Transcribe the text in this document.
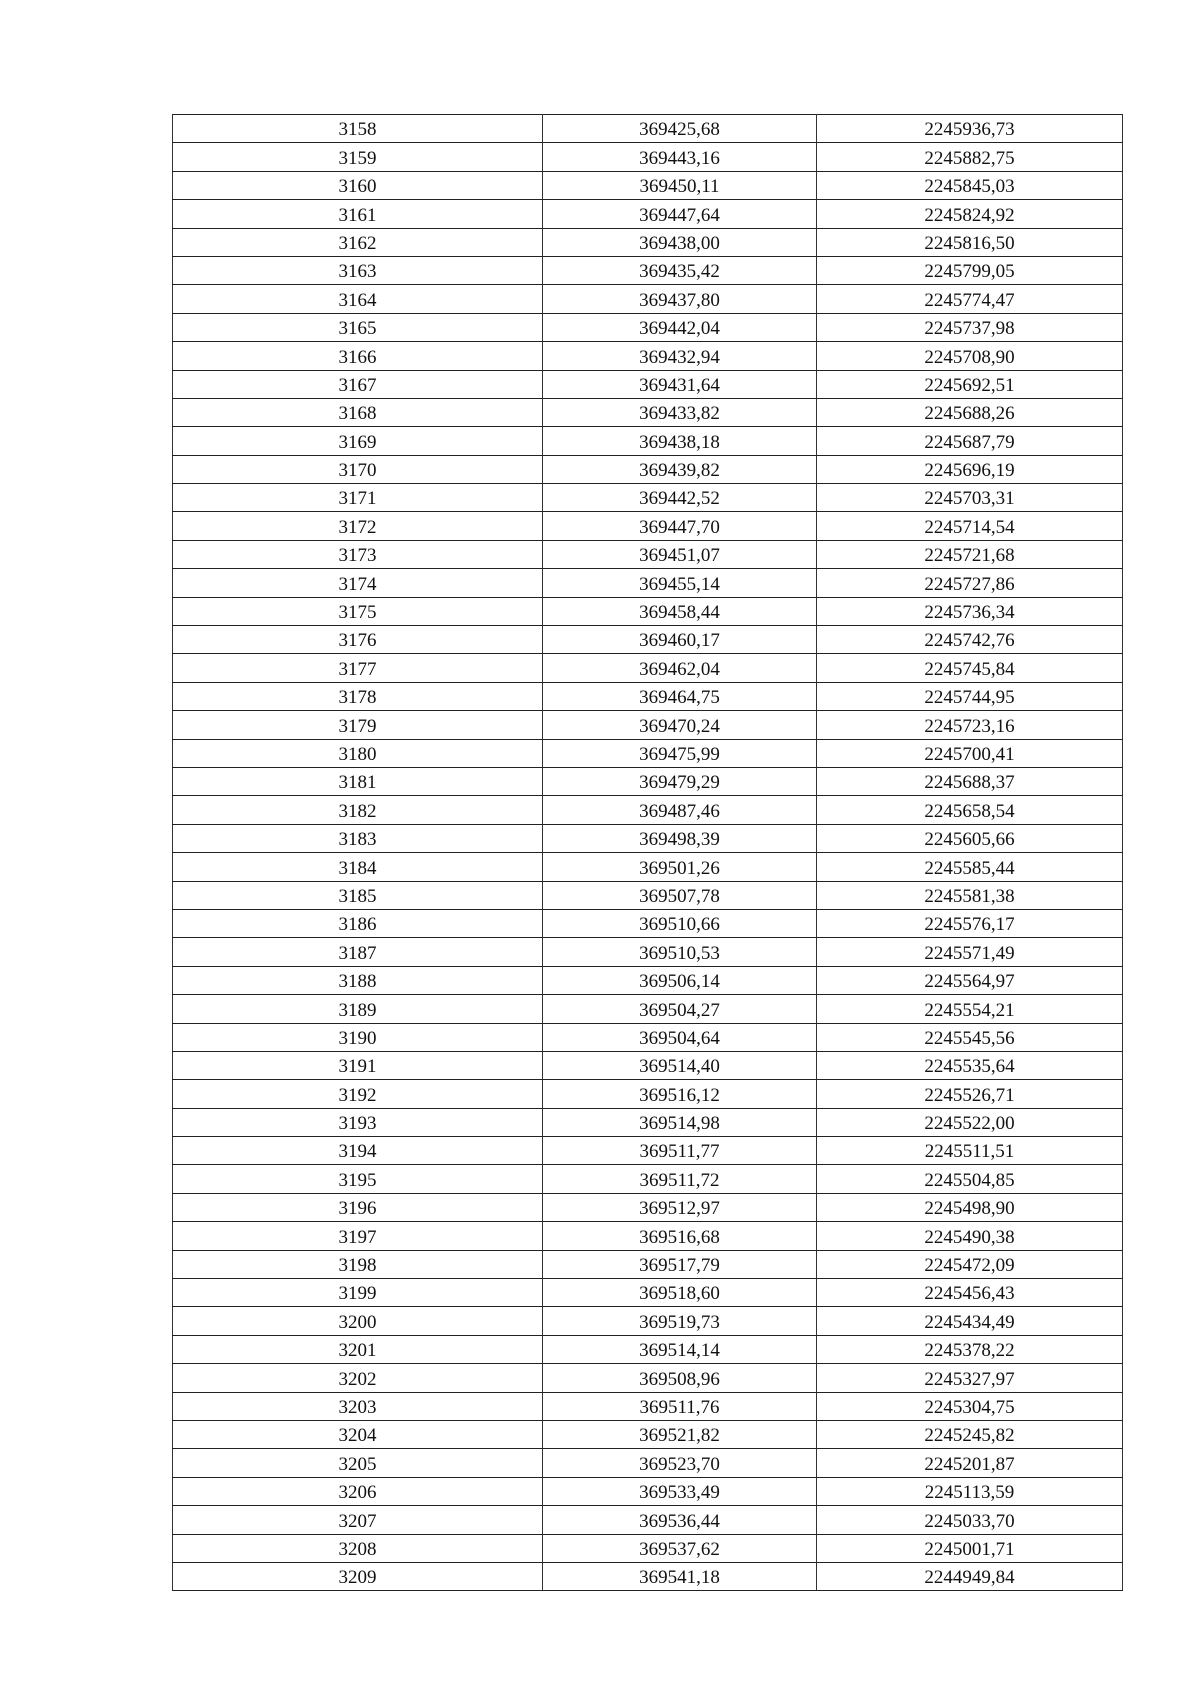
3158	369425,68	2245936,73
3159	369443,16	2245882,75
3160	369450,11	2245845,03
3161	369447,64	2245824,92
3162	369438,00	2245816,50
3163	369435,42	2245799,05
3164	369437,80	2245774,47
3165	369442,04	2245737,98
3166	369432,94	2245708,90
3167	369431,64	2245692,51
3168	369433,82	2245688,26
3169	369438,18	2245687,79
3170	369439,82	2245696,19
3171	369442,52	2245703,31
3172	369447,70	2245714,54
3173	369451,07	2245721,68
3174	369455,14	2245727,86
3175	369458,44	2245736,34
3176	369460,17	2245742,76
3177	369462,04	2245745,84
3178	369464,75	2245744,95
3179	369470,24	2245723,16
3180	369475,99	2245700,41
3181	369479,29	2245688,37
3182	369487,46	2245658,54
3183	369498,39	2245605,66
3184	369501,26	2245585,44
3185	369507,78	2245581,38
3186	369510,66	2245576,17
3187	369510,53	2245571,49
3188	369506,14	2245564,97
3189	369504,27	2245554,21
3190	369504,64	2245545,56
3191	369514,40	2245535,64
3192	369516,12	2245526,71
3193	369514,98	2245522,00
3194	369511,77	2245511,51
3195	369511,72	2245504,85
3196	369512,97	2245498,90
3197	369516,68	2245490,38
3198	369517,79	2245472,09
3199	369518,60	2245456,43
3200	369519,73	2245434,49
3201	369514,14	2245378,22
3202	369508,96	2245327,97
3203	369511,76	2245304,75
3204	369521,82	2245245,82
3205	369523,70	2245201,87
3206	369533,49	2245113,59
3207	369536,44	2245033,70
3208	369537,62	2245001,71
3209	369541,18	2244949,84
